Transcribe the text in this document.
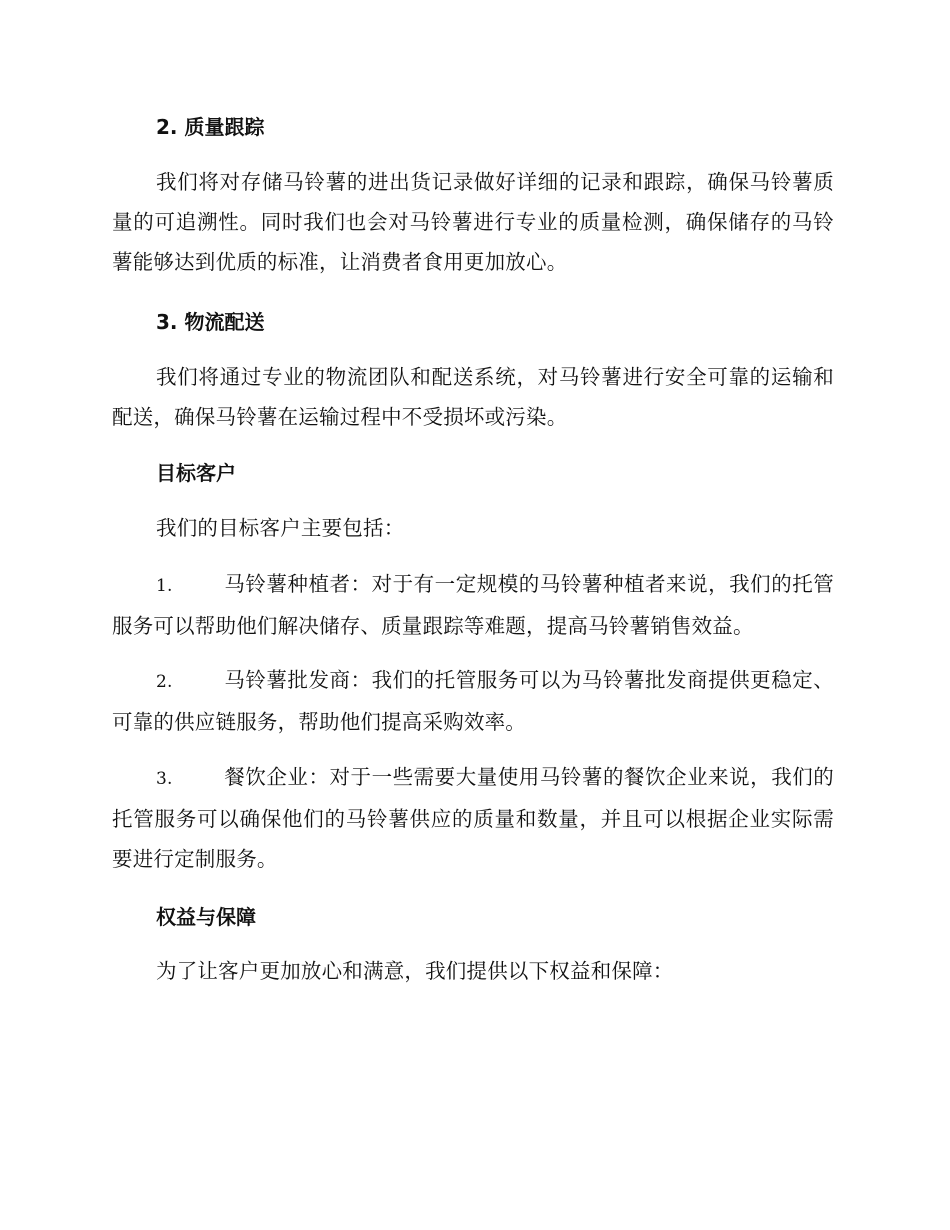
2. 质量跟踪
我们将对存储马铃薯的进出货记录做好详细的记录和跟踪，确保马铃薯质量的可追溯性。同时我们也会对马铃薯进行专业的质量检测，确保储存的马铃薯能够达到优质的标准，让消费者食用更加放心。
3. 物流配送
我们将通过专业的物流团队和配送系统，对马铃薯进行安全可靠的运输和配送，确保马铃薯在运输过程中不受损坏或污染。
目标客户
我们的目标客户主要包括：
1.	马铃薯种植者：对于有一定规模的马铃薯种植者来说，我们的托管服务可以帮助他们解决储存、质量跟踪等难题，提高马铃薯销售效益。
2.	马铃薯批发商：我们的托管服务可以为马铃薯批发商提供更稳定、可靠的供应链服务，帮助他们提高采购效率。
3.	餐饮企业：对于一些需要大量使用马铃薯的餐饮企业来说，我们的托管服务可以确保他们的马铃薯供应的质量和数量，并且可以根据企业实际需要进行定制服务。
权益与保障
为了让客户更加放心和满意，我们提供以下权益和保障：
